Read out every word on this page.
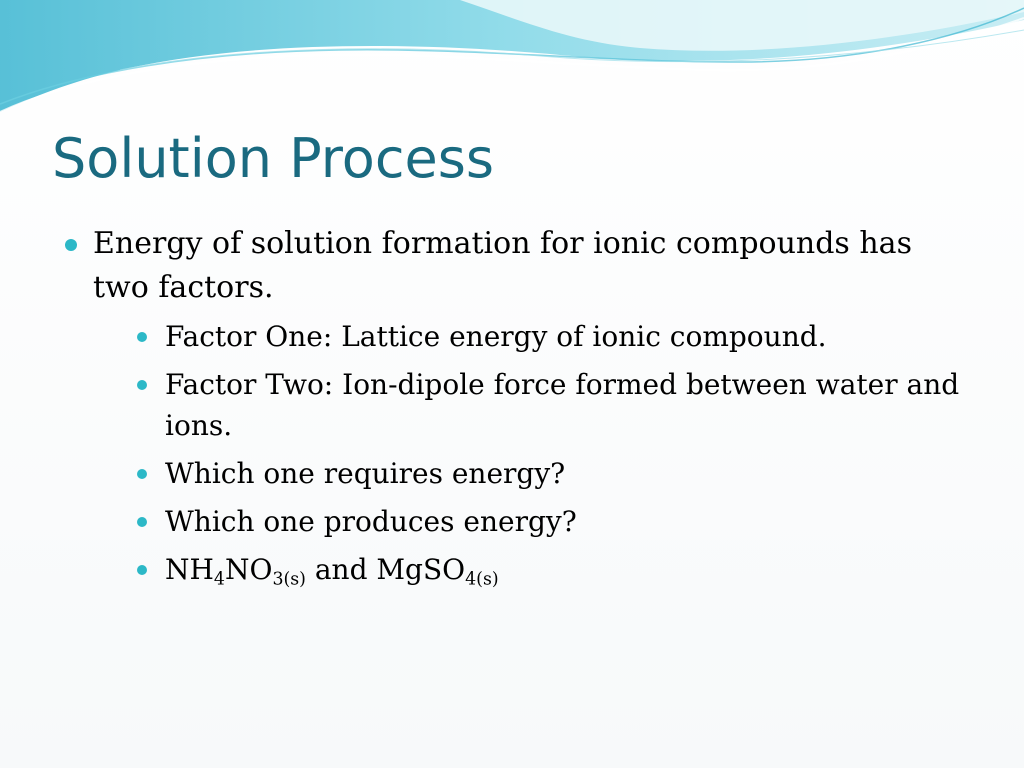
Solution Process
Energy of solution formation for ionic compounds has two factors.
Factor One: Lattice energy of ionic compound.
Factor Two: Ion-dipole force formed between water and ions.
Which one requires energy?
Which one produces energy?
$NH_4NO_{3(s)}$ and MgSO$_{4(s)}$
